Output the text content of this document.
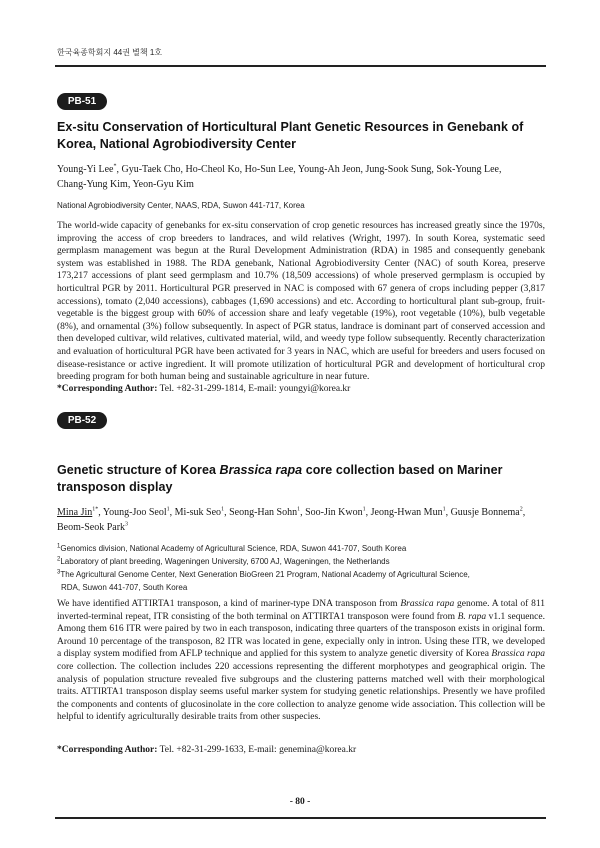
한국육종학회지 44권 별책 1호
PB-51
Ex-situ Conservation of Horticultural Plant Genetic Resources in Genebank of Korea, National Agrobiodiversity Center
Young-Yi Lee*, Gyu-Taek Cho, Ho-Cheol Ko, Ho-Sun Lee, Young-Ah Jeon, Jung-Sook Sung, Sok-Young Lee,
Chang-Yung Kim, Yeon-Gyu Kim
National Agrobiodiversity Center, NAAS, RDA, Suwon 441-717, Korea
The world-wide capacity of genebanks for ex-situ conservation of crop genetic resources has increased greatly since the 1970s, improving the access of crop breeders to landraces, and wild relatives (Wright, 1997). In south Korea, systematic seed germplasm management was begun at the Rural Development Administration (RDA) in 1985 and consequently genebank system was established in 1988. The RDA genebank, National Agrobiodiversity Center (NAC) of south Korea, preserve 173,217 accessions of plant seed germplasm and 10.7% (18,509 accessions) of whole preserved germplasm is occupied by horticultral PGR by 2011. Horticultural PGR preserved in NAC is composed with 67 genera of crops including pepper (3,817 accessions), tomato (2,040 accessions), cabbages (1,690 accessions) and etc. According to horticultural plant sub-group, fruit-vegetable is the biggest group with 60% of accession share and leafy vegetable (19%), root vegetable (10%), bulb vegetable (8%), and ornamental (3%) follow subsequently. In aspect of PGR status, landrace is dominant part of conserved accession and then developed cultivar, wild relatives, cultivated material, wild, and weedy type follow subsequently. Recently characterization and evaluation of horticultural PGR have been activated for 3 years in NAC, which are useful for breeders and users focused on disease-resistance or active ingredient. It will promote utilization of horticultural PGR and development of horticultural crop breeding program for both human being and sustainable agriculture in near future.
*Corresponding Author: Tel. +82-31-299-1814, E-mail: youngyi@korea.kr
PB-52
Genetic structure of Korea Brassica rapa core collection based on Mariner transposon display
Mina Jin$^{1*}$, Young-Joo Seol$^1$, Mi-suk Seo$^1$, Seong-Han Sohn$^1$, Soo-Jin Kwon$^1$, Jeong-Hwan Mun$^1$, Guusje Bonnema$^2$,
Beom-Seok Park$^3$
$^1$Genomics division, National Academy of Agricultural Science, RDA, Suwon 441-707, South Korea
$^2$Laboratory of plant breeding, Wageningen University, 6700 AJ, Wageningen, the Netherlands
$^3$The Agricultural Genome Center, Next Generation BioGreen 21 Program, National Academy of Agricultural Science,
RDA, Suwon 441-707, South Korea
We have identified ATTIRTA1 transposon, a kind of mariner-type DNA transposon from Brassica rapa genome. A total of 811 inverted-terminal repeat, ITR consisting of the both terminal on ATTIRTA1 transposon were found from B. rapa v1.1 sequence. Among them 616 ITR were paired by two in each transposon, indicating three quarters of the transposon exists in original form. Around 10 percentage of the transposon, 82 ITR was located in gene, expecially only in intron. Using these ITR, we developed a display system modified from AFLP technique and applied for this system to analyze genetic diversity of Korea Brassica rapa core collection. The collection includes 220 accessions representing the different morphotypes and geographical origin. The analysis of population structure revealed five subgroups and the clustering patterns matched well with their morphological traits. ATTIRTA1 transposon display seems useful marker system for studying genetic relationships. Presently we have profiled the components and contents of glucosinolate in the core collection to analyze genome wide association. This collection will be helpful to identify agriculturally desirable traits from other suspecies.
*Corresponding Author: Tel. +82-31-299-1633, E-mail: genemina@korea.kr
- 80 -
